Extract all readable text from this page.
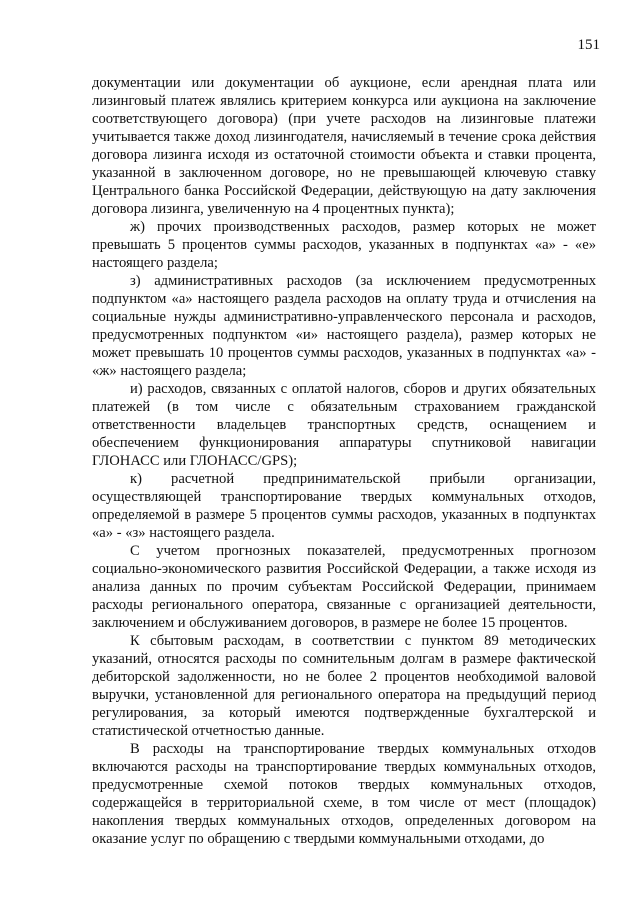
151

документации или документации об аукционе, если арендная плата или лизинговый платеж являлись критерием конкурса или аукциона на заключение соответствующего договора) (при учете расходов на лизинговые платежи учитывается также доход лизингодателя, начисляемый в течение срока действия договора лизинга исходя из остаточной стоимости объекта и ставки процента, указанной в заключенном договоре, но не превышающей ключевую ставку Центрального банка Российской Федерации, действующую на дату заключения договора лизинга, увеличенную на 4 процентных пункта);

ж) прочих производственных расходов, размер которых не может превышать 5 процентов суммы расходов, указанных в подпунктах «а» - «е» настоящего раздела;

з) административных расходов (за исключением предусмотренных подпунктом «а» настоящего раздела расходов на оплату труда и отчисления на социальные нужды административно-управленческого персонала и расходов, предусмотренных подпунктом «и» настоящего раздела), размер которых не может превышать 10 процентов суммы расходов, указанных в подпунктах «а» - «ж» настоящего раздела;

и) расходов, связанных с оплатой налогов, сборов и других обязательных платежей (в том числе с обязательным страхованием гражданской ответственности владельцев транспортных средств, оснащением и обеспечением функционирования аппаратуры спутниковой навигации ГЛОНАСС или ГЛОНАСС/GPS);

к) расчетной предпринимательской прибыли организации, осуществляющей транспортирование твердых коммунальных отходов, определяемой в размере 5 процентов суммы расходов, указанных в подпунктах «а» - «з» настоящего раздела.

С учетом прогнозных показателей, предусмотренных прогнозом социально-экономического развития Российской Федерации, а также исходя из анализа данных по прочим субъектам Российской Федерации, принимаем расходы регионального оператора, связанные с организацией деятельности, заключением и обслуживанием договоров, в размере не более 15 процентов.

К сбытовым расходам, в соответствии с пунктом 89 методических указаний, относятся расходы по сомнительным долгам в размере фактической дебиторской задолженности, но не более 2 процентов необходимой валовой выручки, установленной для регионального оператора на предыдущий период регулирования, за который имеются подтвержденные бухгалтерской и статистической отчетностью данные.

В расходы на транспортирование твердых коммунальных отходов включаются расходы на транспортирование твердых коммунальных отходов, предусмотренные схемой потоков твердых коммунальных отходов, содержащейся в территориальной схеме, в том числе от мест (площадок) накопления твердых коммунальных отходов, определенных договором на оказание услуг по обращению с твердыми коммунальными отходами, до
